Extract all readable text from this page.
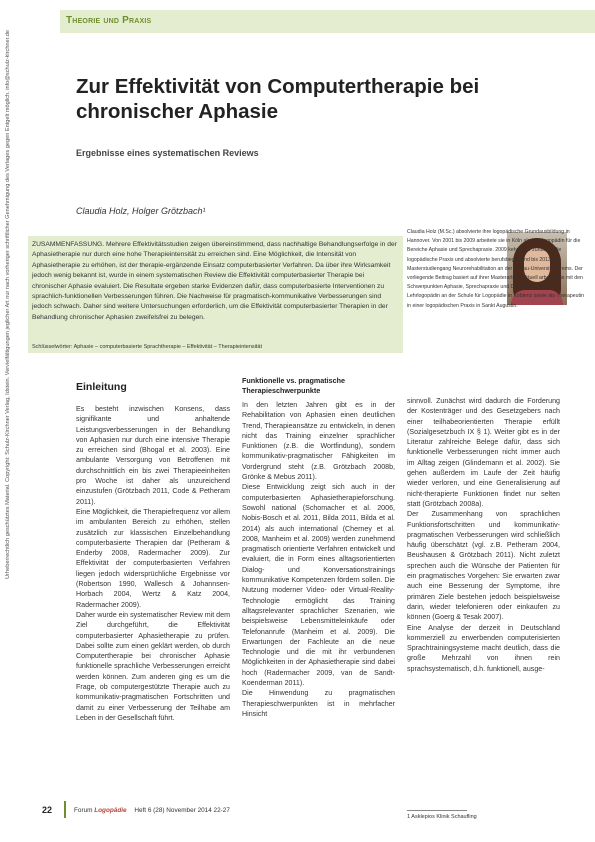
Theorie und Praxis
Urheberrechtlich geschütztes Material. Copyright: Schulz-Kirchner Verlag, Idstein. Vervielfältigungen jeglicher Art nur nach vorheriger schriftlicher Genehmigung des Verlages gegen Entgelt möglich. info@schulz-kirchner.de	Zur Effektivität von Computertherapie bei chronischer Aphasie
Ergebnisse eines systematischen Reviews
Claudia Holz, Holger Grötzbach¹
ZUSAMMENFASSUNG. Mehrere Effektivitätsstudien zeigen übereinstimmend, dass nachhaltige Behandlungserfolge in der Aphasietherapie nur durch eine hohe Therapieintensität zu erreichen sind. Eine Möglichkeit, die Intensität von Aphasietherapie zu erhöhen, ist der therapie-ergänzende Einsatz computerbasierter Verfahren. Da über ihre Wirksamkeit jedoch wenig bekannt ist, wurde in einem systematischen Review die Effektivität computerbasierter Therapie bei chronischer Aphasie evaluiert. Die Resultate ergeben starke Evidenzen dafür, dass computerbasierte Interventionen zu sprachlich-funktionellen Verbesserungen führen. Die Nachweise für pragmatisch-kommunikative Verbesserungen sind jedoch schwach. Daher sind weitere Untersuchungen erforderlich, um die Effektivität computerbasierter Therapien in der Behandlung chronischer Aphasien zweifelsfrei zu belegen.
Schlüsselwörter: Aphasie – computerbasierte Sprachtherapie – Effektivität – Therapieintensität
Claudia Holz (M.Sc.) absolvierte ihre logopädische Grundausbildung in Hannover. Von 2001 bis 2009 arbeitete sie in Köln als Lehrlogopädin für die Bereiche Aphasie und Sprechapraxie. 2009 kehrte sie zurück in die logopädische Praxis und absolvierte berufsbegleitend bis 2013 den Masterstudiengang Neurorehabilitation an der Donau-Universität Krems. Der vorliegende Beitrag basiert auf ihrer Masterarbeit. Aktuell arbeitet sie mit den Schwerpunkten Aphasie, Sprechapraxie und Dysarthrophonie als Lehrlogopädin an der Schule für Logopädie in Koblenz sowie als Therapeutin in einer logopädischen Praxis in Sankt Augustin.
Einleitung

Es besteht inzwischen Konsens, dass signifikante und anhaltende Leistungsverbesserungen in der Behandlung von Aphasien nur durch eine intensive Therapie zu erreichen sind (Bhogal et al. 2003). Eine ambulante Versorgung von Betroffenen mit durchschnittlich ein bis zwei Therapieeinheiten pro Woche ist daher als unzureichend einzustufen (Grötzbach 2011, Code & Petheram 2011).

Eine Möglichkeit, die Therapiefrequenz vor allem im ambulanten Bereich zu erhöhen, stellen zusätzlich zur klassischen Einzelbehandlung computerbasierte Therapien dar (Petheram & Enderby 2008, Radermacher 2009). Zur Effektivität der computerbasierten Verfahren liegen jedoch widersprüchliche Ergebnisse vor (Robertson 1990, Wallesch & Johannsen-Horbach 2004, Wertz & Katz 2004, Radermacher 2009).

Daher wurde ein systematischer Review mit dem Ziel durchgeführt, die Effektivität computerbasierter Aphasietherapie zu prüfen. Dabei sollte zum einen geklärt werden, ob durch Computertherapie bei chronischer Aphasie funktionelle sprachliche Verbesserungen erreicht werden können. Zum anderen ging es um die Frage, ob computergestützte Therapie auch zu kommunikativ-pragmatischen Fortschritten und damit zu einer Verbesserung der Teilhabe am Leben in der Gesellschaft führt.

Funktionelle vs. pragmatische Therapieschwerpunkte

In den letzten Jahren gibt es in der Rehabilitation von Aphasien einen deutlichen Trend, Therapieansätze zu entwickeln, in denen nicht das Training einzelner sprachlicher Funktionen (z.B. die Wortfindung), sondern kommunikativ-pragmatischer Fähigkeiten im Vordergrund steht (z.B. Grötzbach 2008b, Grönke & Mebus 2011).

Diese Entwicklung zeigt sich auch in der computerbasierten Aphasietherapieforschung. Sowohl national (Schomacher et al. 2006, Nobis-Bosch et al. 2011, Bilda 2011, Bilda et al. 2014) als auch international (Cherney et al. 2008, Manheim et al. 2009) werden zunehmend pragmatisch orientierte Verfahren entwickelt und evaluiert, die in Form eines alltagsorientierten Dialog- und Konversationstrainings kommunikative Kompetenzen fördern sollen. Die Nutzung moderner Video- oder Virtual-Reality-Technologie ermöglicht das Training alltagsrelevanter sprachlicher Szenarien, wie beispielsweise Lebensmitteleinkäufe oder Telefonanrufe (Manheim et al. 2009). Die Erwartungen der Fachleute an die neue Technologie und die mit ihr verbundenen Möglichkeiten in der Aphasietherapie sind dabei hoch (Radermacher 2009, van de Sandt-Koenderman 2011).

Die Hinwendung zu pragmatischen Therapieschwerpunkten ist in mehrfacher Hinsicht

sinnvoll. Zunächst wird dadurch die Forderung der Kostenträger und des Gesetzgebers nach einer teilhabeorientierten Therapie erfüllt (Sozialgesetzbuch IX § 1). Weiter gibt es in der Literatur zahlreiche Belege dafür, dass sich funktionelle Verbesserungen nicht immer auch im Alltag zeigen (Glindemann et al. 2002). Sie gehen außerdem im Laufe der Zeit häufig wieder verloren, und eine Generalisierung auf nicht-therapierte Funktionen findet nur selten statt (Grötzbach 2008a).

Der Zusammenhang von sprachlichen Funktionsfortschritten und kommunikativ-pragmatischen Verbesserungen wird schließlich häufig überschätzt (vgl. z.B. Petheram 2004, Beushausen & Grötzbach 2011). Nicht zuletzt sprechen auch die Wünsche der Patienten für ein pragmatisches Vorgehen: Sie erwarten zwar auch eine Besserung der Symptome, ihre primären Ziele bestehen jedoch beispielsweise darin, wieder telefonieren oder einkaufen zu können (Goerg & Tesak 2007).

Eine Analyse der derzeit in Deutschland kommerziell zu erwerbenden computerisierten Sprachtrainingsysteme macht deutlich, dass die große Mehrzahl von ihnen rein sprachsystematisch, d.h. funktionell, ausge-

1 Asklepios Klinik Schaufling
22	Forum Logopädie Heft 6 (28) November 2014 22-27
